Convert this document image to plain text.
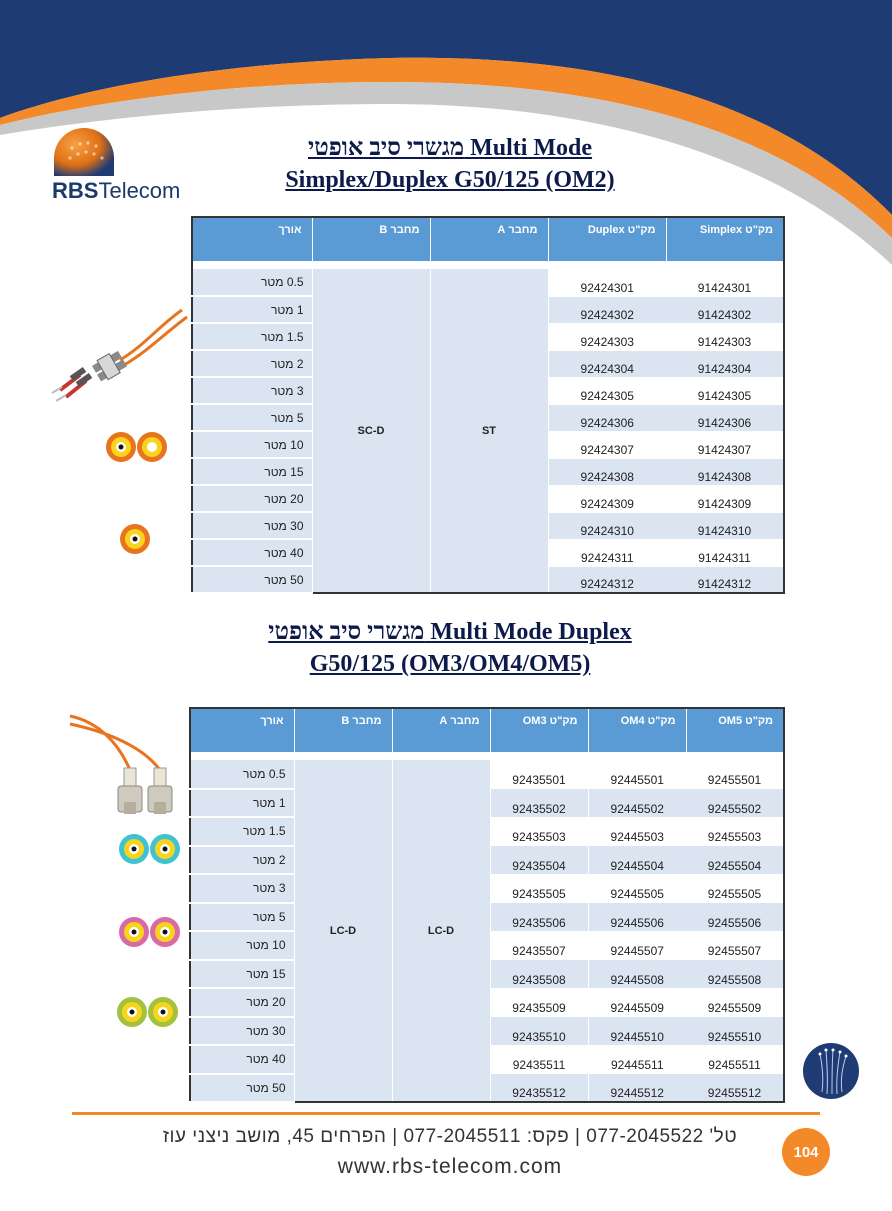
RBSTelecom
מגשרי סיב אופטי Multi Mode
Simplex/Duplex G50/125 (OM2)
מק"ט Simplex	מק"ט Duplex	מחבר A	מחבר B	אורך

91424301	92424301	ST	SC-D	0.5 מטר
91424302	92424302			1 מטר
91424303	92424303			1.5 מטר
91424304	92424304			2 מטר
91424305	92424305			3 מטר
91424306	92424306			5 מטר
91424307	92424307			10 מטר
91424308	92424308			15 מטר
91424309	92424309			20 מטר
91424310	92424310			30 מטר
91424311	92424311			40 מטר
91424312	92424312			50 מטר
מגשרי סיב אופטי Multi Mode Duplex
G50/125 (OM3/OM4/OM5)
מק"ט OM5	מק"ט OM4	מק"ט OM3	מחבר A	מחבר B	אורך

92455501	92445501	92435501	LC-D	LC-D	0.5 מטר
92455502	92445502	92435502			1 מטר
92455503	92445503	92435503			1.5 מטר
92455504	92445504	92435504			2 מטר
92455505	92445505	92435505			3 מטר
92455506	92445506	92435506			5 מטר
92455507	92445507	92435507			10 מטר
92455508	92445508	92435508			15 מטר
92455509	92445509	92435509			20 מטר
92455510	92445510	92435510			30 מטר
92455511	92445511	92435511			40 מטר
92455512	92445512	92435512			50 מטר
טל' 077-2045522 | פקס: 077-2045511 | הפרחים 45, מושב ניצני עוז
www.rbs-telecom.com
104
